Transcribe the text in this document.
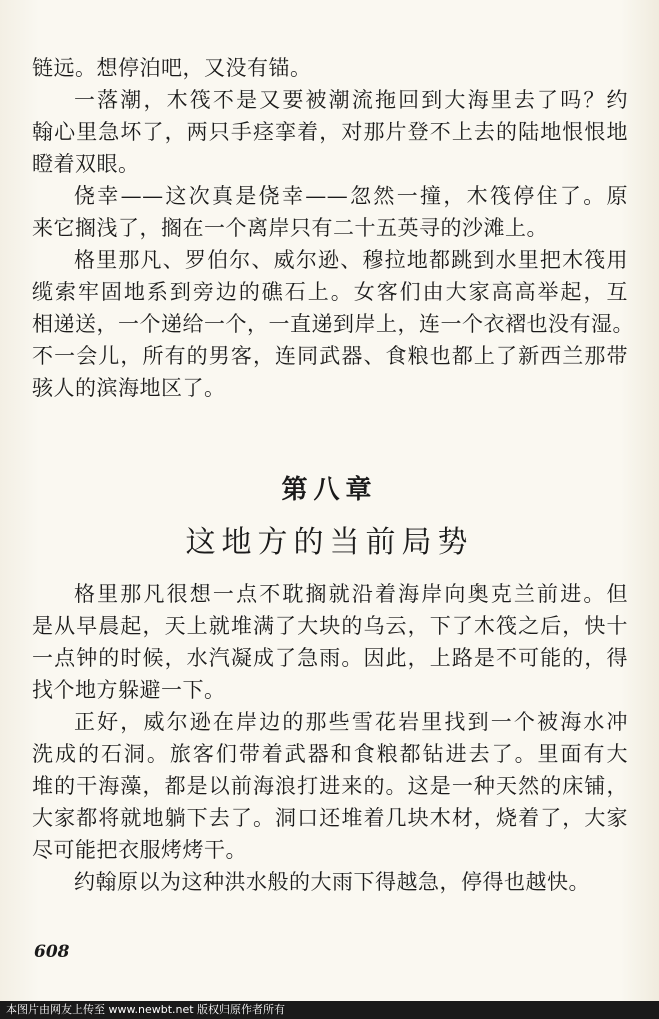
链远。想停泊吧，又没有锚。
一落潮，木筏不是又要被潮流拖回到大海里去了吗？约
翰心里急坏了，两只手痉挛着，对那片登不上去的陆地恨恨地
瞪着双眼。
侥幸——这次真是侥幸——忽然一撞，木筏停住了。原
来它搁浅了，搁在一个离岸只有二十五英寻的沙滩上。
格里那凡、罗伯尔、威尔逊、穆拉地都跳到水里把木筏用
缆索牢固地系到旁边的礁石上。女客们由大家高高举起，互
相递送，一个递给一个，一直递到岸上，连一个衣褶也没有湿。
不一会儿，所有的男客，连同武器、食粮也都上了新西兰那带
骇人的滨海地区了。
第八章
这地方的当前局势
格里那凡很想一点不耽搁就沿着海岸向奥克兰前进。但
是从早晨起，天上就堆满了大块的乌云，下了木筏之后，快十
一点钟的时候，水汽凝成了急雨。因此，上路是不可能的，得
找个地方躲避一下。
正好，威尔逊在岸边的那些雪花岩里找到一个被海水冲
洗成的石洞。旅客们带着武器和食粮都钻进去了。里面有大
堆的干海藻，都是以前海浪打进来的。这是一种天然的床铺，
大家都将就地躺下去了。洞口还堆着几块木材，烧着了，大家
尽可能把衣服烤烤干。
约翰原以为这种洪水般的大雨下得越急，停得也越快。
608
本图片由网友上传至 www.newbt.net 版权归原作者所有
